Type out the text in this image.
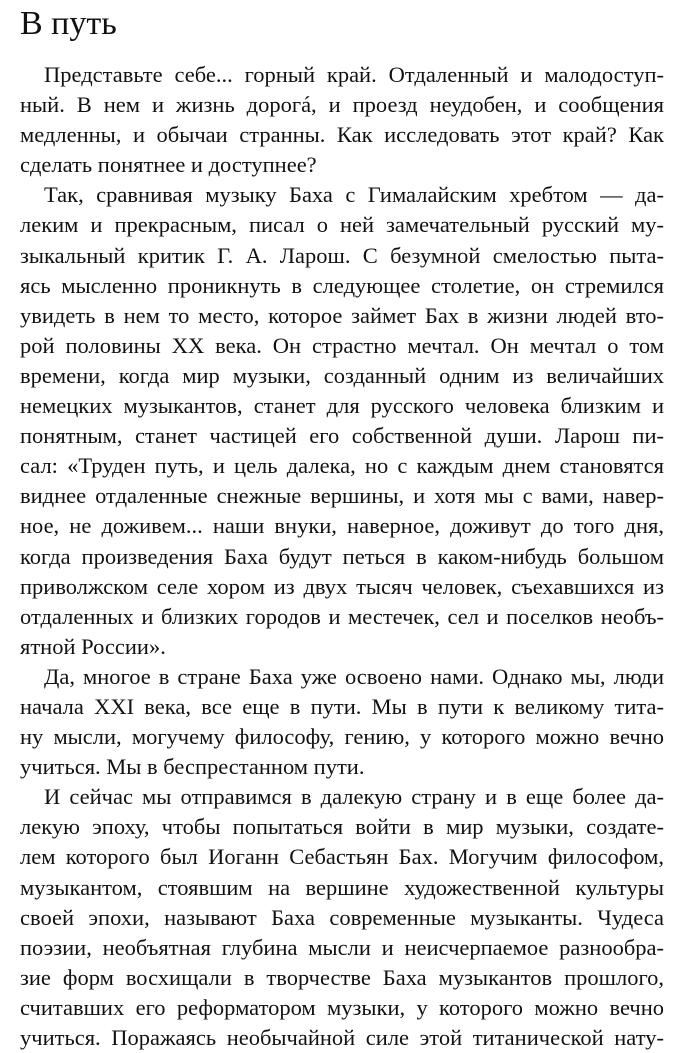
В путь
Представьте себе... горный край. Отдаленный и малодоступ-
ный. В нем и жизнь дорогá, и проезд неудобен, и сообщения
медленны, и обычаи странны. Как исследовать этот край? Как
сделать понятнее и доступнее?
Так, сравнивая музыку Баха с Гималайским хребтом — да-
леким и прекрасным, писал о ней замечательный русский му-
зыкальный критик Г. А. Ларош. С безумной смелостью пыта-
ясь мысленно проникнуть в следующее столетие, он стремился
увидеть в нем то место, которое займет Бах в жизни людей вто-
рой половины XX века. Он страстно мечтал. Он мечтал о том
времени, когда мир музыки, созданный одним из величайших
немецких музыкантов, станет для русского человека близким и
понятным, станет частицей его собственной души. Ларош пи-
сал: «Труден путь, и цель далека, но с каждым днем становятся
виднее отдаленные снежные вершины, и хотя мы с вами, навер-
ное, не доживем... наши внуки, наверное, доживут до того дня,
когда произведения Баха будут петься в каком-нибудь большом
приволжском селе хором из двух тысяч человек, съехавшихся из
отдаленных и близких городов и местечек, сел и поселков необъ-
ятной России».
Да, многое в стране Баха уже освоено нами. Однако мы, люди
начала XXI века, все еще в пути. Мы в пути к великому тита-
ну мысли, могучему философу, гению, у которого можно вечно
учиться. Мы в беспрестанном пути.
И сейчас мы отправимся в далекую страну и в еще более да-
лекую эпоху, чтобы попытаться войти в мир музыки, создате-
лем которого был Иоганн Себастьян Бах. Могучим философом,
музыкантом, стоявшим на вершине художественной культуры
своей эпохи, называют Баха современные музыканты. Чудеса
поэзии, необъятная глубина мысли и неисчерпаемое разнообра-
зие форм восхищали в творчестве Баха музыкантов прошлого,
считавших его реформатором музыки, у которого можно вечно
учиться. Поражаясь необычайной силе этой титанической нату-
